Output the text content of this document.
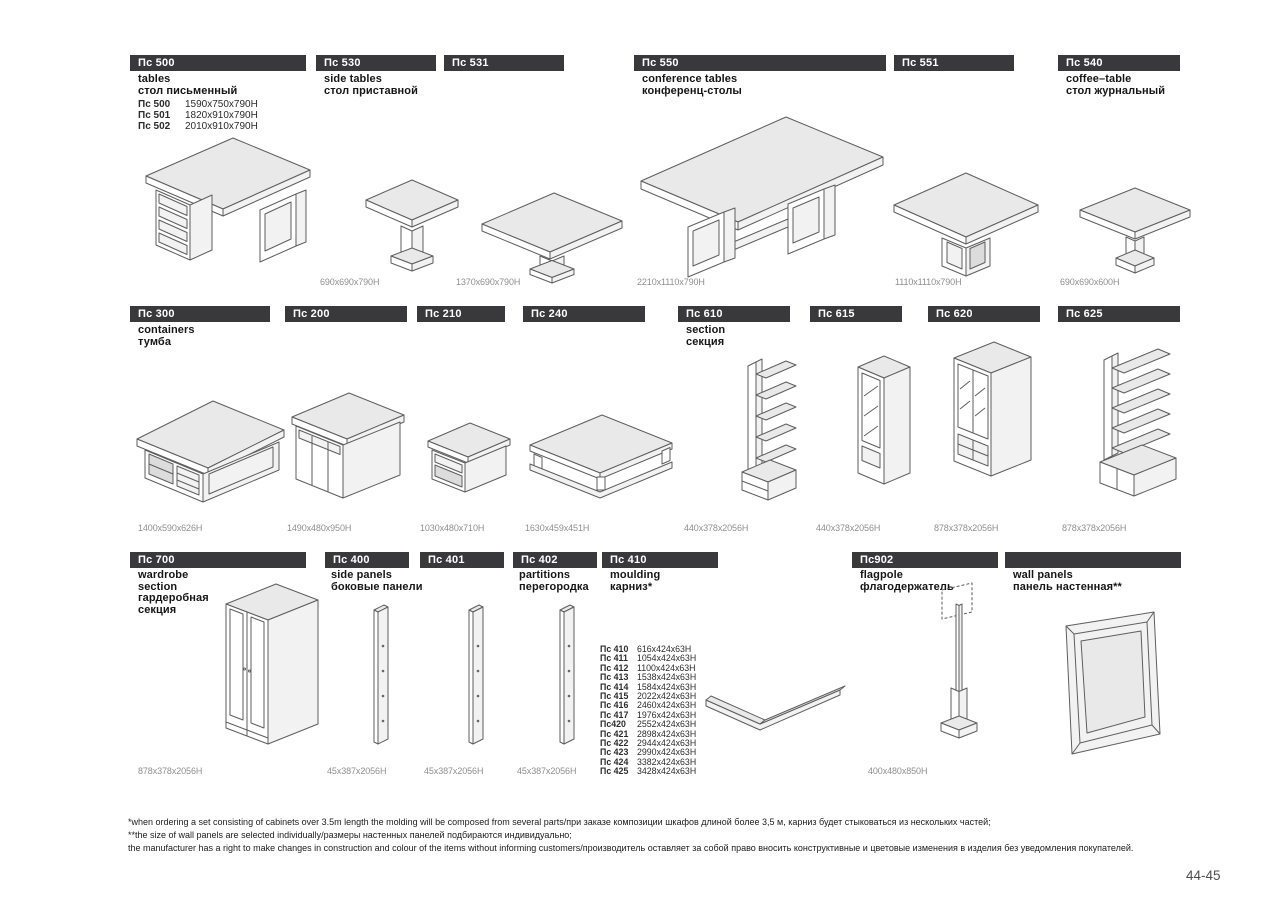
Пс 500	Пс 530	Пс 531	Пс 550	Пс 551	Пс 540
tables
стол письменный
Пс 500	1590x750x790H
Пс 501	1820x910x790H
Пс 502	2010x910x790H
side tables
стол приставной
conference tables
конференц-столы
coffee–table
стол журнальный
690x690x790H	1370x690x790H	2210x1110x790H	1110x1110x790H	690x690x600H
Пс 300	Пс 200	Пс 210	Пс 240	Пс 610	Пс 615	Пс 620	Пс 625
containers
тумба
section
секция
1400x590x626H	1490x480x950H	1030x480x710H	1630x459x451H	440x378x2056H	440x378x2056H	878x378x2056H	878x378x2056H
Пс 700	Пс 400	Пс 401	Пс 402	Пс 410	Пс902
wardrobe
section
гардеробная
секция
side panels
боковые панели
partitions
перегородка
moulding
карниз*
flagpole
флагодержатель
wall panels
панель настенная**
Пс 410 616x424x63H
Пс 411	1054x424x63H
Пс 412 1100x424x63H
Пс 413 1538x424x63H
Пс 414 1584x424x63H
Пс 415 2022x424x63H
Пс 416 2460x424x63H
Пс 417 1976x424x63H
Пс420	2552x424x63H
Пс 421 2898x424x63H
Пс 422 2944x424x63H
Пс 423 2990x424x63H
Пс 424 3382x424x63H
Пс 425 3428x424x63H
878x378x2056H	45x387x2056H	45x387x2056H	45x387x2056H	400x480x850H
*when ordering a set consisting of cabinets over 3.5m length the molding will be composed from several parts/при заказе композиции шкафов длиной более 3,5 м, карниз будет стыковаться из нескольких частей;
**the size of wall panels are selected individually/размеры настенных панелей подбираются индивидуально;
the manufacturer has a right to make changes in construction and colour of the items without informing customers/производитель оставляет за собой право вносить конструктивные и цветовые изменения в изделия без уведомления покупателей.
44-45
